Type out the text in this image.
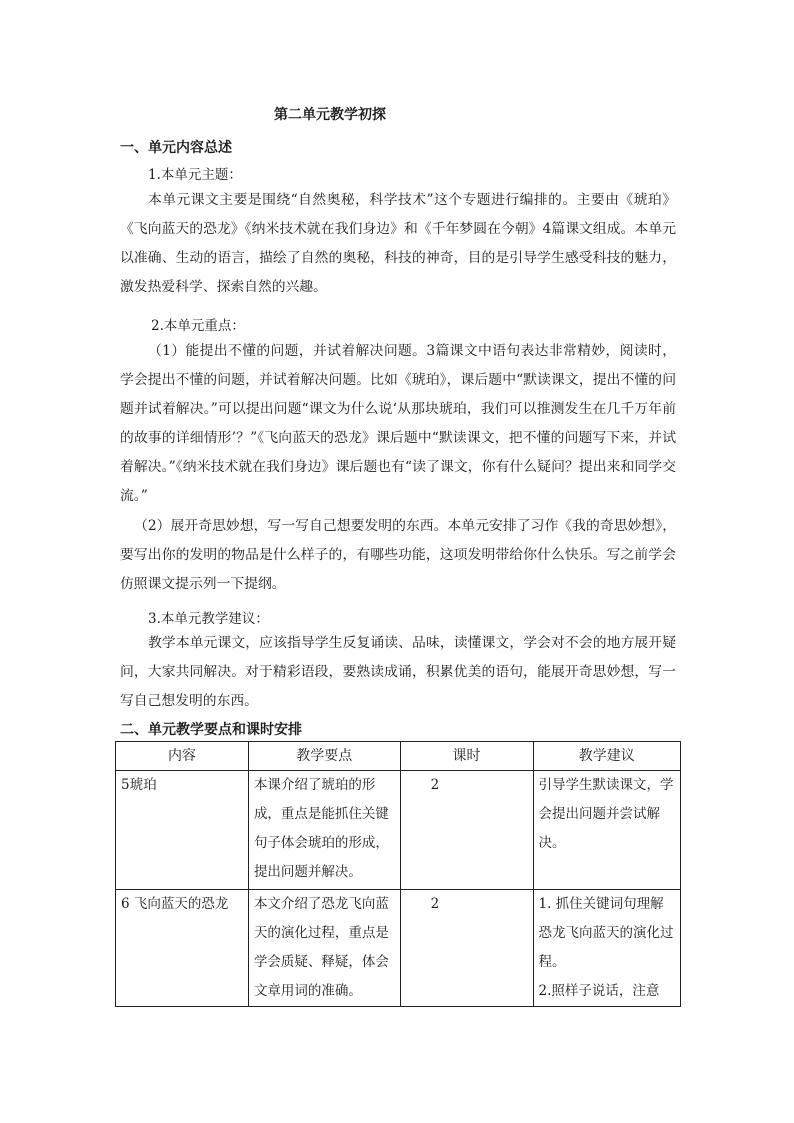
第二单元教学初探
一、单元内容总述
1.本单元主题：
本单元课文主要是围绕“自然奥秘，科学技术”这个专题进行编排的。主要由《琥珀》《飞向蓝天的恐龙》《纳米技术就在我们身边》和《千年梦圆在今朝》4篇课文组成。本单元以准确、生动的语言，描绘了自然的奥秘，科技的神奇，目的是引导学生感受科技的魅力，激发热爱科学、探索自然的兴趣。
2.本单元重点：
（1）能提出不懂的问题，并试着解决问题。3篇课文中语句表达非常精妙，阅读时，学会提出不懂的问题，并试着解决问题。比如《琥珀》，课后题中“默读课文，提出不懂的问题并试着解决。”可以提出问题“课文为什么说‘从那块琥珀，我们可以推测发生在几千万年前的故事的详细情形’？”《飞向蓝天的恐龙》课后题中“默读课文，把不懂的问题写下来，并试着解决。”《纳米技术就在我们身边》课后题也有“读了课文，你有什么疑问？提出来和同学交流。”
（2）展开奇思妙想，写一写自己想要发明的东西。本单元安排了习作《我的奇思妙想》，要写出你的发明的物品是什么样子的，有哪些功能，这项发明带给你什么快乐。写之前学会仿照课文提示列一下提纲。
3.本单元教学建议：
教学本单元课文，应该指导学生反复诵读、品味，读懂课文，学会对不会的地方展开疑问，大家共同解决。对于精彩语段，要熟读成诵，积累优美的语句，能展开奇思妙想，写一写自己想发明的东西。
二、单元教学要点和课时安排
内容	教学要点	课时	教学建议
5琥珀	本课介绍了琥珀的形成，重点是能抓住关键句子体会琥珀的形成，提出问题并解决。	2	引导学生默读课文，学会提出问题并尝试解决。
6 飞向蓝天的恐龙	本文介绍了恐龙飞向蓝天的演化过程，重点是学会质疑、释疑，体会文章用词的准确。	2	1. 抓住关键词句理解恐龙飞向蓝天的演化过程。
2.照样子说话，注意
